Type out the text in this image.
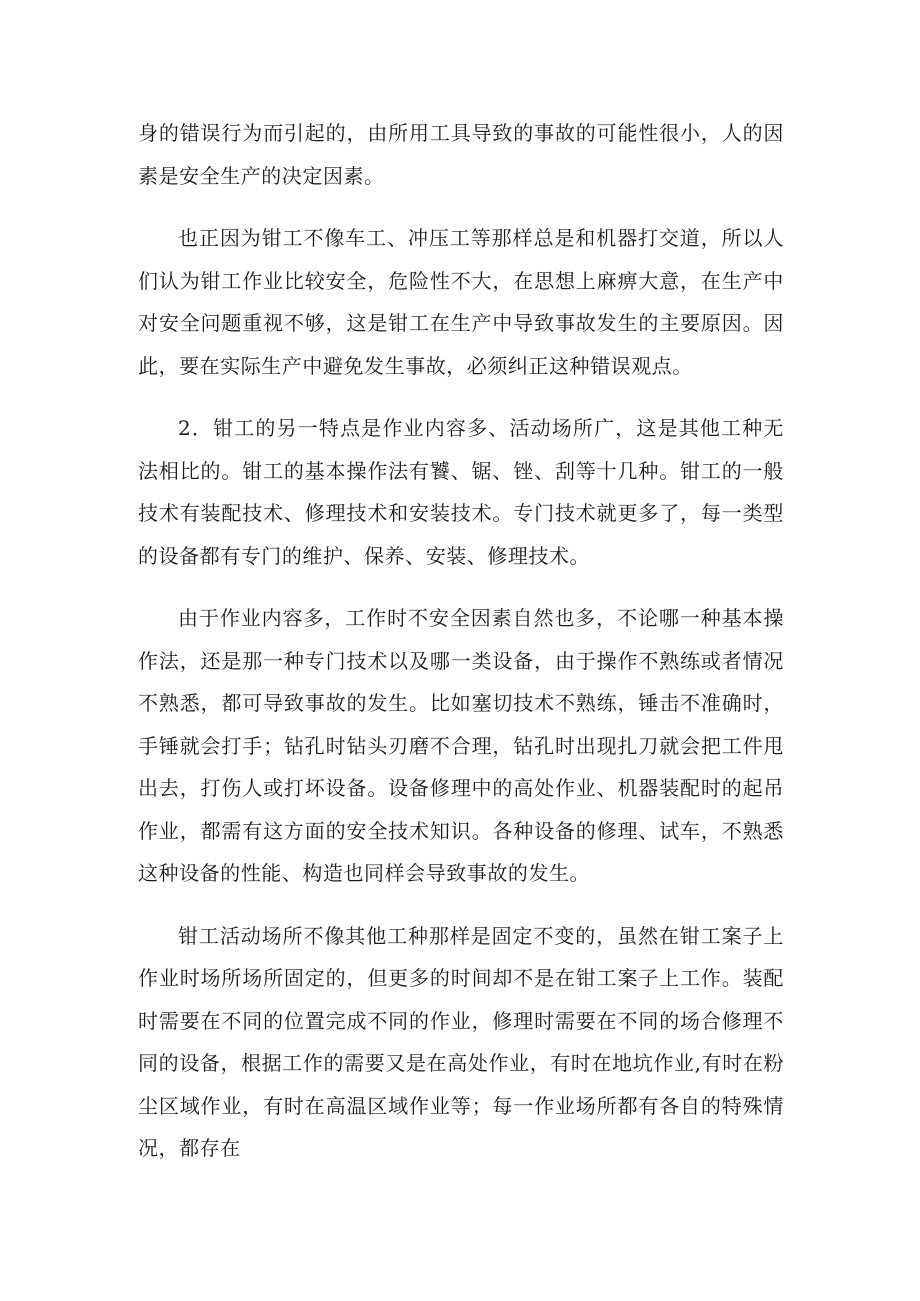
身的错误行为而引起的，由所用工具导致的事故的可能性很小，人的因素是安全生产的决定因素。

也正因为钳工不像车工、冲压工等那样总是和机器打交道，所以人们认为钳工作业比较安全，危险性不大，在思想上麻痹大意，在生产中对安全问题重视不够，这是钳工在生产中导致事故发生的主要原因。因此，要在实际生产中避免发生事故，必须纠正这种错误观点。

2．钳工的另一特点是作业内容多、活动场所广，这是其他工种无法相比的。钳工的基本操作法有饕、锯、锉、刮等十几种。钳工的一般技术有装配技术、修理技术和安装技术。专门技术就更多了，每一类型的设备都有专门的维护、保养、安装、修理技术。

由于作业内容多，工作时不安全因素自然也多，不论哪一种基本操作法，还是那一种专门技术以及哪一类设备，由于操作不熟练或者情况不熟悉，都可导致事故的发生。比如塞切技术不熟练，锤击不准确时，手锤就会打手；钻孔时钻头刃磨不合理，钻孔时出现扎刀就会把工件甩出去，打伤人或打坏设备。设备修理中的高处作业、机器装配时的起吊作业，都需有这方面的安全技术知识。各种设备的修理、试车，不熟悉这种设备的性能、构造也同样会导致事故的发生。

钳工活动场所不像其他工种那样是固定不变的，虽然在钳工案子上作业时场所场所固定的，但更多的时间却不是在钳工案子上工作。装配时需要在不同的位置完成不同的作业，修理时需要在不同的场合修理不同的设备，根据工作的需要又是在高处作业，有时在地坑作业,有时在粉尘区域作业，有时在高温区域作业等；每一作业场所都有各自的特殊情况，都存在
